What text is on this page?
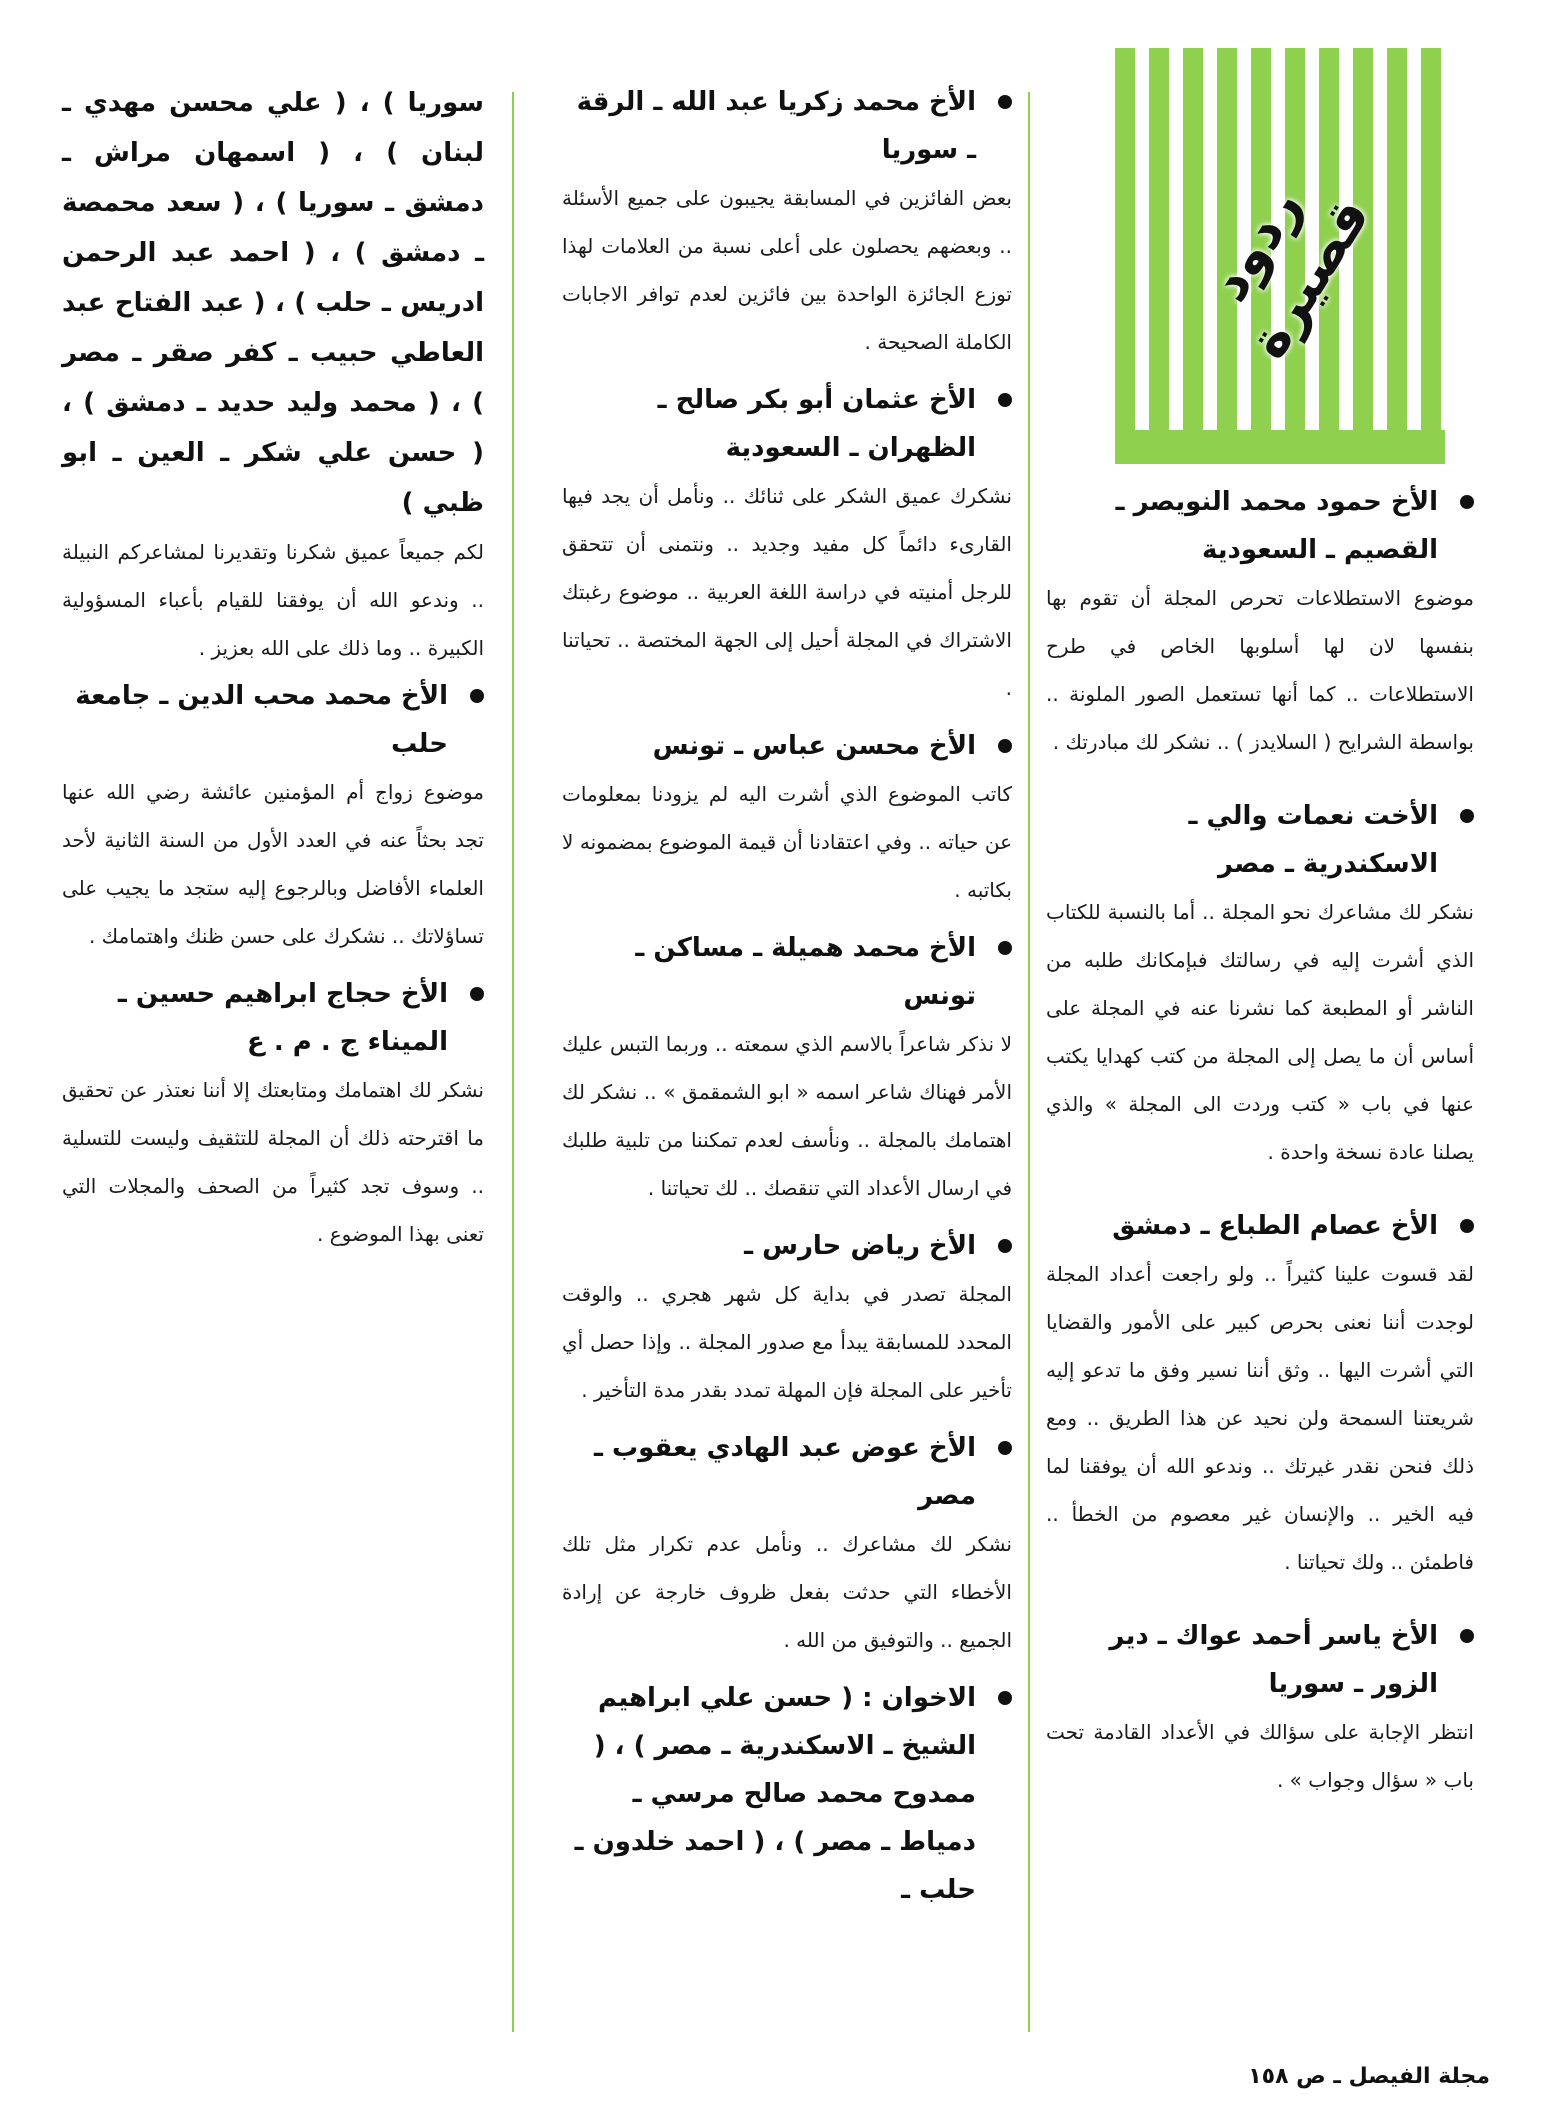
ردود قصيرة
الأخ حمود محمد النويصر ـ القصيم ـ السعودية
موضوع الاستطلاعات تحرص المجلة أن تقوم بها بنفسها لان لها أسلوبها الخاص في طرح الاستطلاعات .. كما أنها تستعمل الصور الملونة .. بواسطة الشرايح ( السلايدز ) .. نشكر لك مبادرتك .
الأخت نعمات والي ـ الاسكندرية ـ مصر
نشكر لك مشاعرك نحو المجلة .. أما بالنسبة للكتاب الذي أشرت إليه في رسالتك فبإمكانك طلبه من الناشر أو المطبعة كما نشرنا عنه في المجلة على أساس أن ما يصل إلى المجلة من كتب كهدايا يكتب عنها في باب « كتب وردت الى المجلة » والذي يصلنا عادة نسخة واحدة .
الأخ عصام الطباع ـ دمشق
لقد قسوت علينا كثيراً .. ولو راجعت أعداد المجلة لوجدت أننا نعنى بحرص كبير على الأمور والقضايا التي أشرت اليها .. وثق أننا نسير وفق ما تدعو إليه شريعتنا السمحة ولن نحيد عن هذا الطريق .. ومع ذلك فنحن نقدر غيرتك .. وندعو الله أن يوفقنا لما فيه الخير .. والإنسان غير معصوم من الخطأ .. فاطمئن .. ولك تحياتنا .
الأخ ياسر أحمد عواك ـ دير الزور ـ سوريا
انتظر الإجابة على سؤالك في الأعداد القادمة تحت باب « سؤال وجواب » .
الأخ محمد زكريا عبد الله ـ الرقة ـ سوريا
بعض الفائزين في المسابقة يجيبون على جميع الأسئلة .. وبعضهم يحصلون على أعلى نسبة من العلامات لهذا توزع الجائزة الواحدة بين فائزين لعدم توافر الاجابات الكاملة الصحيحة .
الأخ عثمان أبو بكر صالح ـ الظهران ـ السعودية
نشكرك عميق الشكر على ثنائك .. ونأمل أن يجد فيها القارىء دائماً كل مفيد وجديد .. ونتمنى أن تتحقق للرجل أمنيته في دراسة اللغة العربية .. موضوع رغبتك الاشتراك في المجلة أحيل إلى الجهة المختصة .. تحياتنا .
الأخ محسن عباس ـ تونس
كاتب الموضوع الذي أشرت اليه لم يزودنا بمعلومات عن حياته .. وفي اعتقادنا أن قيمة الموضوع بمضمونه لا بكاتبه .
الأخ محمد هميلة ـ مساكن ـ تونس
لا نذكر شاعراً بالاسم الذي سمعته .. وربما التبس عليك الأمر فهناك شاعر اسمه « ابو الشمقمق » .. نشكر لك اهتمامك بالمجلة .. ونأسف لعدم تمكننا من تلبية طلبك في ارسال الأعداد التي تنقصك .. لك تحياتنا .
الأخ رياض حارس ـ
المجلة تصدر في بداية كل شهر هجري .. والوقت المحدد للمسابقة يبدأ مع صدور المجلة .. وإذا حصل أي تأخير على المجلة فإن المهلة تمدد بقدر مدة التأخير .
الأخ عوض عبد الهادي يعقوب ـ مصر
نشكر لك مشاعرك .. ونأمل عدم تكرار مثل تلك الأخطاء التي حدثت بفعل ظروف خارجة عن إرادة الجميع .. والتوفيق من الله .
الاخوان : ( حسن علي ابراهيم الشيخ ـ الاسكندرية ـ مصر ) ، ( ممدوح محمد صالح مرسي ـ دمياط ـ مصر ) ، ( احمد خلدون ـ حلب ـ
سوريا ) ، ( علي محسن مهدي ـ لبنان ) ، ( اسمهان مراش ـ دمشق ـ سوريا ) ، ( سعد محمصة ـ دمشق ) ، ( احمد عبد الرحمن ادريس ـ حلب ) ، ( عبد الفتاح عبد العاطي حبيب ـ كفر صقر ـ مصر ) ، ( محمد وليد حديد ـ دمشق ) ، ( حسن علي شكر ـ العين ـ ابو ظبي )
لكم جميعاً عميق شكرنا وتقديرنا لمشاعركم النبيلة .. وندعو الله أن يوفقنا للقيام بأعباء المسؤولية الكبيرة .. وما ذلك على الله بعزيز .
الأخ محمد محب الدين ـ جامعة حلب
موضوع زواج أم المؤمنين عائشة رضي الله عنها تجد بحثاً عنه في العدد الأول من السنة الثانية لأحد العلماء الأفاضل وبالرجوع إليه ستجد ما يجيب على تساؤلاتك .. نشكرك على حسن ظنك واهتمامك .
الأخ حجاج ابراهيم حسين ـ الميناء ج . م . ع
نشكر لك اهتمامك ومتابعتك إلا أننا نعتذر عن تحقيق ما اقترحته ذلك أن المجلة للتثقيف وليست للتسلية .. وسوف تجد كثيراً من الصحف والمجلات التي تعنى بهذا الموضوع .
مجلة الفيصل ـ ص ١٥٨
